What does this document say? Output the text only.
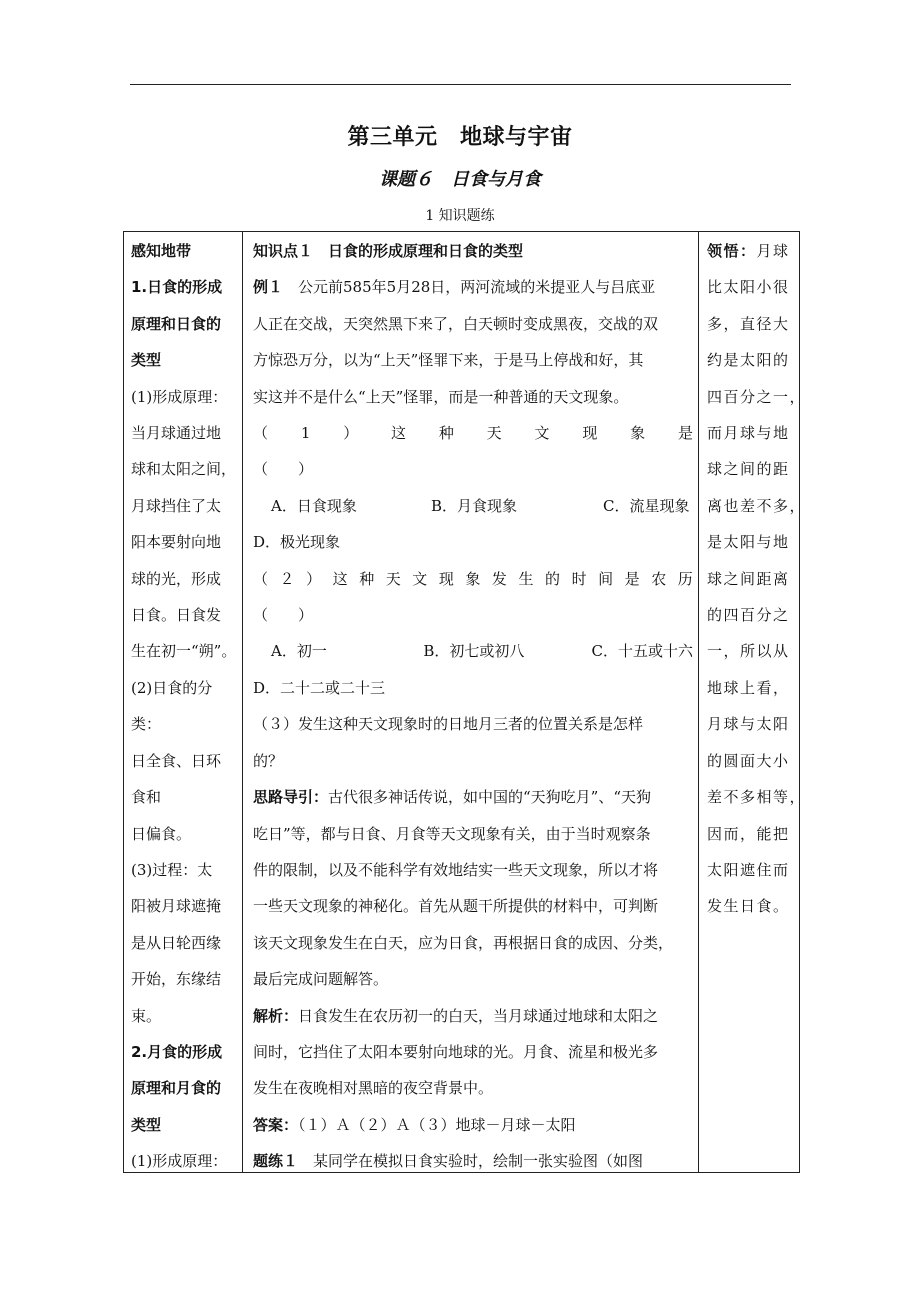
第三单元　地球与宇宙
课题６　日食与月食
1 知识题练
感知地带
1.日食的形成
原理和日食的
类型
(1)形成原理：
当月球通过地
球和太阳之间，
月球挡住了太
阳本要射向地
球的光，形成
日食。日食发
生在初一“朔”。
(2)日食的分
类：
日全食、日环
食和
日偏食。
(3)过程：太
阳被月球遮掩
是从日轮西缘
开始，东缘结
束。
2.月食的形成
原理和月食的
类型
(1)形成原理：
知识点１　日食的形成原理和日食的类型
例１　公元前585年5月28日，两河流域的米提亚人与吕底亚
人正在交战，天突然黑下来了，白天顿时变成黑夜，交战的双
方惊恐万分，以为“上天”怪罪下来，于是马上停战和好，其
实这并不是什么“上天”怪罪，而是一种普通的天文现象。
（ 1 ） 这 种 天 文 现 象 是
（　　）
A．日食现象	B．月食现象	C．流星现象
D．极光现象
（ ２ ） 这 种 天 文 现 象 发 生 的 时 间 是 农 历
（　　）
A．初一	B．初七或初八	C．十五或十六
D．二十二或二十三
（３）发生这种天文现象时的日地月三者的位置关系是怎样
的？
思路导引：古代很多神话传说，如中国的“天狗吃月”、“天狗
吃日”等，都与日食、月食等天文现象有关，由于当时观察条
件的限制，以及不能科学有效地结实一些天文现象，所以才将
一些天文现象的神秘化。首先从题干所提供的材料中，可判断
该天文现象发生在白天，应为日食，再根据日食的成因、分类，
最后完成问题解答。
解析：日食发生在农历初一的白天，当月球通过地球和太阳之
间时，它挡住了太阳本要射向地球的光。月食、流星和极光多
发生在夜晚相对黑暗的夜空背景中。
答案：（１）Ａ（２）Ａ（３）地球－月球－太阳
题练１　某同学在模拟日食实验时，绘制一张实验图（如图
领悟：月球
比太阳小很
多，直径大
约是太阳的
四百分之一，
而月球与地
球之间的距
离也差不多，
是太阳与地
球之间距离
的四百分之
一，所以从
地球上看，
月球与太阳
的圆面大小
差不多相等，
因而，能把
太阳遮住而
发生日食。
